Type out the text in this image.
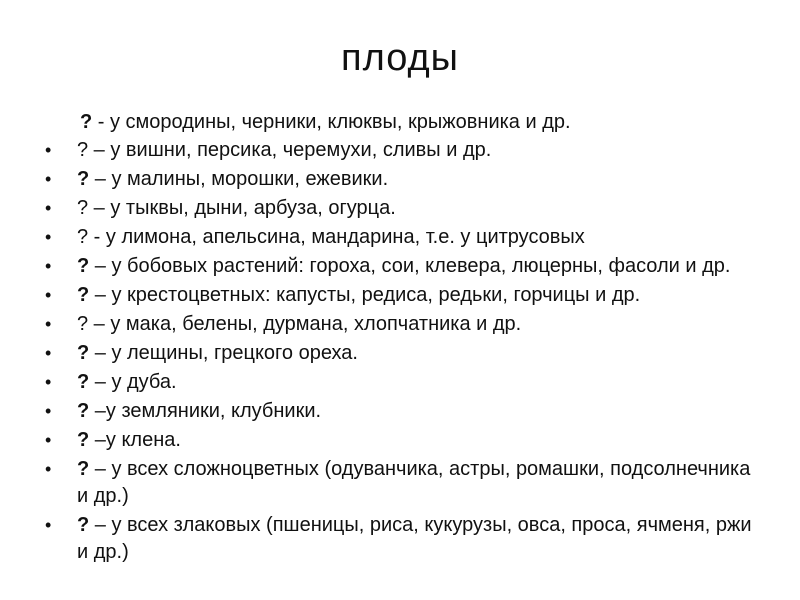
плоды
? - у смородины, черники, клюквы, крыжовника и др.
• ? – у вишни, персика, черемухи, сливы и др.
• ? – у малины, морошки, ежевики.
• ? – у тыквы, дыни, арбуза, огурца.
• ? - у лимона, апельсина, мандарина, т.е. у цитрусовых
• ? – у бобовых растений: гороха, сои, клевера, люцерны, фасоли и др.
• ? – у крестоцветных: капусты, редиса, редьки, горчицы и др.
• ? – у мака, белены, дурмана, хлопчатника и др.
• ? – у лещины, грецкого ореха.
• ? – у дуба.
• ? –у земляники, клубники.
• ? –у клена.
• ? – у всех сложноцветных (одуванчика, астры, ромашки, подсолнечника и др.)
• ? – у всех злаковых (пшеницы, риса, кукурузы, овса, проса, ячменя, ржи и др.)
